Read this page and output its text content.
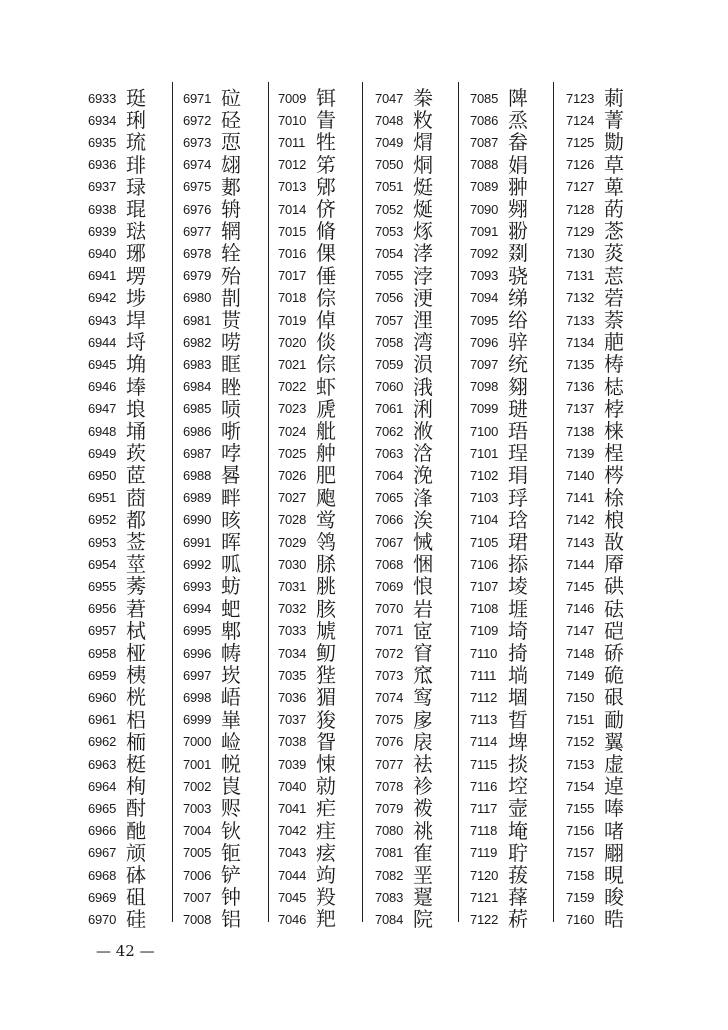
— 42 —
6933 珽
6934 琍
6935 琉
6936 琲
6937 琭
6938 琨
6939 琺
6940 琊
6941 塄
6942 埗
6943 垾
6944 埒
6945 埆
6946 埲
6947 埌
6948 埇
6949 莰
6950 茝
6951 莔
6952 都
6953 莶
6954 莖
6955 莠
6956 莙
6957 栻
6958 桠
6959 桋
6960 桄
6961 梠
6962 栭
6963 梃
6964 栒
6965 酎
6966 酏
6967 颃
6968 砵
6969 砠
6970 硅
6971 砬
6972 硁
6973 恧
6974 翃
6975 郪
6976 辀
6977 辋
6978 辁
6979 殆
6980 剒
6981 贳
6982 唠
6983 眶
6984 睉
6985 唝
6986 哳
6987 哱
6988 晷
6989 畔
6990 晐
6991 晖
6992 呱
6993 蚄
6994 蚆
6995 郫
6996 帱
6997 崁
6998 峿
6999 崋
7000 崄
7001 帨
7002 崀
7003 赆
7004 钬
7005 钷
7006 铲
7007 钟
7008 铝
7009 铒
7010 眚
7011 牲
7012 笫
7013 郳
7014 侪
7015 脩
7016 倮
7017 倕
7018 倧
7019 倬
7020 倓
7021 倧
7022 虾
7023 虒
7024 舭
7025 舯
7026 肥
7027 飑
7028 鸴
7029 鸰
7030 脎
7031 脁
7032 胲
7033 虓
7034 鱽
7035 狴
7036 猸
7037 狻
7038 眢
7039 悚
7040 勍
7041 疟
7042 疰
7043 痃
7044 竘
7045 羖
7046 羓
7047 桊
7048 敉
7049 焨
7050 烔
7051 烶
7052 烻
7053 烼
7054 涍
7055 浡
7056 浭
7057 浬
7058 湾
7059 涢
7060 涐
7061 浰
7062 浟
7063 浛
7064 浼
7065 浲
7066 涘
7067 悈
7068 悃
7069 悢
7070 岩
7071 宧
7072 窅
7073 窊
7074 窎
7075 扅
7076 扆
7077 袪
7078 袗
7079 袯
7080 祧
7081 隺
7082 垩
7083 翨
7084 院
7085 陴
7086 烝
7087 畚
7088 娟
7089 翀
7090 翙
7091 翂
7092 剟
7093 骁
7094 绨
7095 绤
7096 骍
7097 统
7098 翗
7099 琎
7100 珸
7101 珵
7102 琄
7103 琈
7104 琀
7105 珺
7106 掭
7107 堎
7108 堐
7109 埼
7110 掎
7111 埫
7112 堌
7113 晢
7114 埤
7115 掞
7116 埪
7117 壸
7118 埯
7119 聍
7120 菝
7121 萚
7122 菥
7123 莿
7124 菁
7125 勚
7126 草
7127 萆
7128 菂
7129 菍
7130 菼
7131 莣
7132 菪
7133 萘
7134 萉
7135 梼
7136 梽
7137 桲
7138 梾
7139 桯
7140 梣
7141 梌
7142 桹
7143 敔
7144 厣
7145 硔
7146 砝
7147 硙
7148 硚
7149 硊
7150 硍
7151 勔
7152 翼
7153 虚
7154 逴
7155 唪
7156 啫
7157 翢
7158 晛
7159 晙
7160 晧
